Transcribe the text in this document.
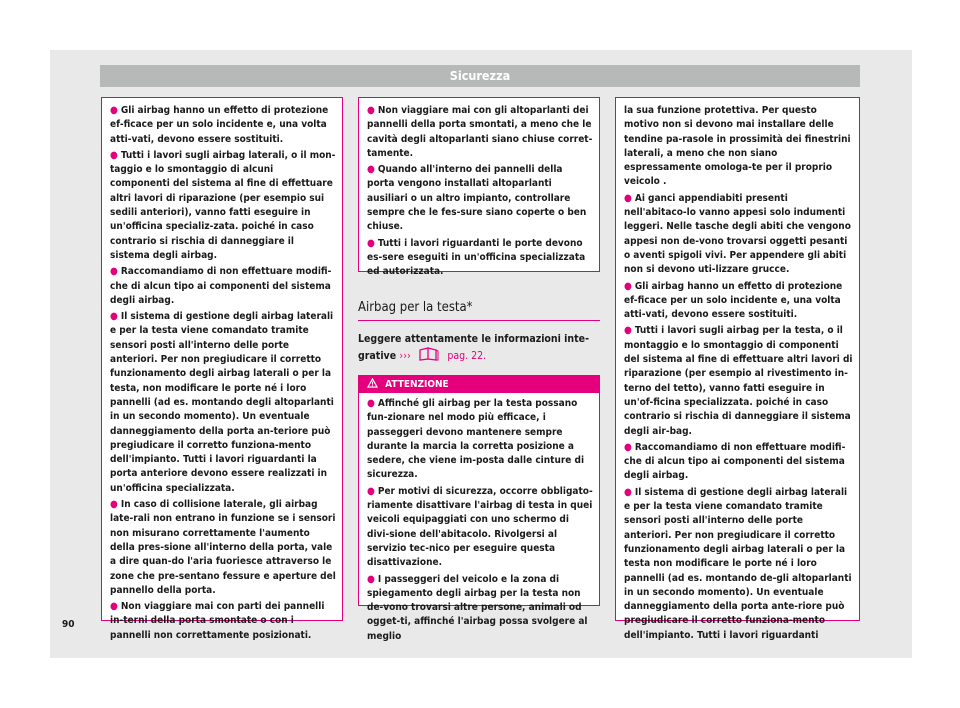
Sicurezza
● Gli airbag hanno un effetto di protezione ef-ficace per un solo incidente e, una volta atti-vati, devono essere sostituiti.
● Tutti i lavori sugli airbag laterali, o il mon-taggio e lo smontaggio di alcuni componenti del sistema al fine di effettuare altri lavori di riparazione (per esempio sui sedili anteriori), vanno fatti eseguire in un'officina specializ-zata. poiché in caso contrario si rischia di danneggiare il sistema degli airbag.
● Raccomandiamo di non effettuare modifi-che di alcun tipo ai componenti del sistema degli airbag.
● Il sistema di gestione degli airbag laterali e per la testa viene comandato tramite sensori posti all'interno delle porte anteriori. Per non pregiudicare il corretto funzionamento degli airbag laterali o per la testa, non modificare le porte né i loro pannelli (ad es. montando degli altoparlanti in un secondo momento). Un eventuale danneggiamento della porta an-teriore può pregiudicare il corretto funziona-mento dell'impianto. Tutti i lavori riguardanti la porta anteriore devono essere realizzati in un'officina specializzata.
● In caso di collisione laterale, gli airbag late-rali non entrano in funzione se i sensori non misurano correttamente l'aumento della pres-sione all'interno della porta, vale a dire quan-do l'aria fuoriesce attraverso le zone che pre-sentano fessure e aperture del pannello della porta.
● Non viaggiare mai con parti dei pannelli in-terni della porta smontate o con i pannelli non correttamente posizionati.
● Non viaggiare mai con gli altoparlanti dei pannelli della porta smontati, a meno che le cavità degli altoparlanti siano chiuse corret-tamente.
● Quando all'interno dei pannelli della porta vengono installati altoparlanti ausiliari o un altro impianto, controllare sempre che le fes-sure siano coperte o ben chiuse.
● Tutti i lavori riguardanti le porte devono es-sere eseguiti in un'officina specializzata ed autorizzata.
Airbag per la testa*
Leggere attentamente le informazioni inte-grative ›››	pag. 22.
ATTENZIONE
● Affinché gli airbag per la testa possano fun-zionare nel modo più efficace, i passeggeri devono mantenere sempre durante la marcia la corretta posizione a sedere, che viene im-posta dalle cinture di sicurezza.
● Per motivi di sicurezza, occorre obbligato-riamente disattivare l'airbag di testa in quei veicoli equipaggiati con uno schermo di divi-sione dell'abitacolo. Rivolgersi al servizio tec-nico per eseguire questa disattivazione.
● I passeggeri del veicolo e la zona di spiegamento degli airbag per la testa non de-vono trovarsi altre persone, animali od ogget-ti, affinché l'airbag possa svolgere al meglio
la sua funzione protettiva. Per questo motivo non si devono mai installare delle tendine pa-rasole in prossimità dei finestrini laterali, a meno che non siano espressamente omologa-te per il proprio veicolo .
● Ai ganci appendiabiti presenti nell'abitaco-lo vanno appesi solo indumenti leggeri. Nelle tasche degli abiti che vengono appesi non de-vono trovarsi oggetti pesanti o aventi spigoli vivi. Per appendere gli abiti non si devono uti-lizzare grucce.
● Gli airbag hanno un effetto di protezione ef-ficace per un solo incidente e, una volta atti-vati, devono essere sostituiti.
● Tutti i lavori sugli airbag per la testa, o il montaggio e lo smontaggio di componenti del sistema al fine di effettuare altri lavori di riparazione (per esempio al rivestimento in-terno del tetto), vanno fatti eseguire in un'of-ficina specializzata. poiché in caso contrario si rischia di danneggiare il sistema degli air-bag.
● Raccomandiamo di non effettuare modifi-che di alcun tipo ai componenti del sistema degli airbag.
● Il sistema di gestione degli airbag laterali e per la testa viene comandato tramite sensori posti all'interno delle porte anteriori. Per non pregiudicare il corretto funzionamento degli airbag laterali o per la testa non modificare le porte né i loro pannelli (ad es. montando de-gli altoparlanti in un secondo momento). Un eventuale danneggiamento della porta ante-riore può pregiudicare il corretto funziona-mento dell'impianto. Tutti i lavori riguardanti
90
